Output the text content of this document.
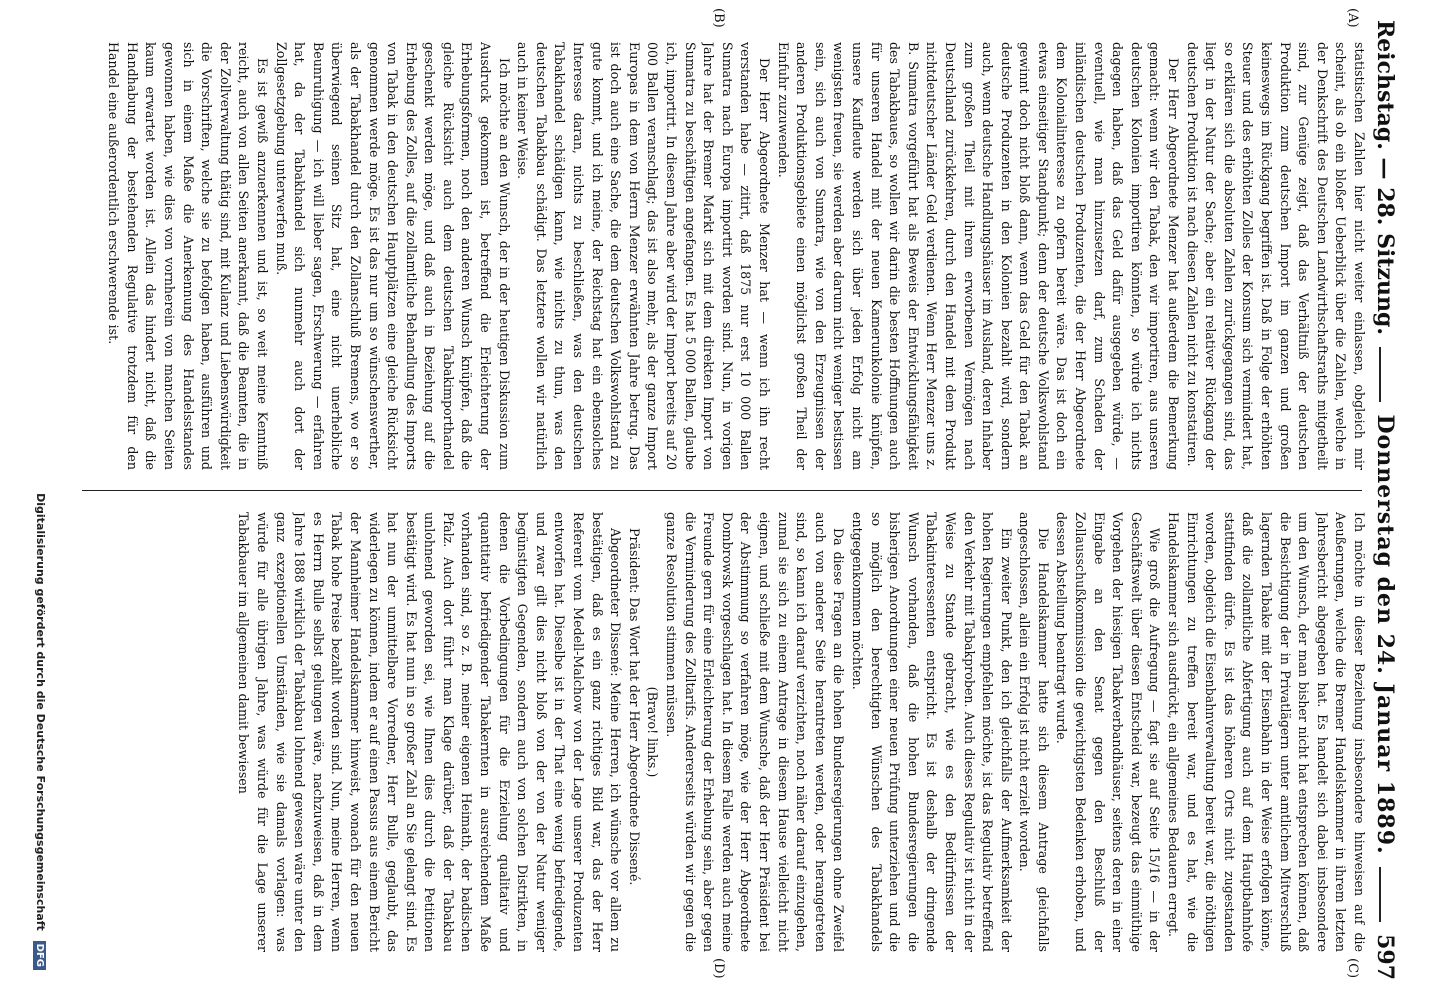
Reichstag. — 28. Sitzung.
Donnerstag den 24. Januar 1889.
597
(A)
(B)
(C)
(D)

statistischen Zahlen hier nicht weiter einlassen, obgleich mir scheint, als ob ein bloßer Ueberblick über die Zahlen, welche in der Denkschrift des Deutschen Landwirthschaftsraths mitgetheilt sind, zur Genüge zeigt, daß das Verhältniß der deutschen Produktion zum deutschen Import im ganzen und großen keineswegs im Rückgang begriffen ist. Daß in Folge der erhöhten Steuer und des erhöhten Zolles der Konsum sich vermindert hat, so erklären sich die absoluten Zahlen zurückgegangen sind, das liegt in der Natur der Sache; aber ein relativer Rückgang der deutschen Produktion ist nach diesen Zahlen nicht zu konstatiren.

Der Herr Abgeordnete Menzer hat außerdem die Bemerkung gemacht: wenn wir den Tabak, den wir importiren, aus unseren deutschen Kolonien importiren könnten, so würde ich nichts dagegen haben, daß das Geld dafür ausgegeben würde, — eventuell, wie man hinzusetzen darf, zum Schaden der inländischen deutschen Produzenten, die der Herr Abgeordnete dem Kolonialinteresse zu opfern bereit wäre. Das ist doch ein etwas einseitiger Standpunkt; denn der deutsche Volkswohlstand gewinnt doch nicht bloß dann, wenn das Geld für den Tabak an deutsche Produzenten in den Kolonien bezahlt wird, sondern auch, wenn deutsche Handlungshäuser im Ausland, deren Inhaber zum großen Theil mit ihrem erworbenen Vermögen nach Deutschland zurückkehren, durch den Handel mit dem Produkt nichtdeutscher Länder Geld verdienen. Wenn Herr Menzer uns z. B. Sumatra vorgeführt hat als Beweis der Entwicklungsfähigkeit des Tabakbaues, so wollen wir darin die besten Hoffnungen auch für unseren Handel mit der neuen Kamerunkolonie knüpfen, unsere Kaufleute werden sich über jeden Erfolg nicht am wenigsten freuen, sie werden aber darum nicht weniger bestissen sein, sich auch von Sumatra, wie von den Erzeugnissen der anderen Produktionsgebiete einen möglichst großen Theil der Einfuhr zuzuwenden.

Der Herr Abgeordnete Menzer hat — wenn ich ihn recht verstanden habe — zitirt, daß 1875 nur erst 10 000 Ballen Sumatra nach Europa importirt worden sind. Nun, in vorigen Jahre hat der Bremer Markt sich mit dem direkten Import von Sumatra zu beschäftigen angefangen. Es hat 5 000 Ballen, glaube ich, importirt. In diesem Jahre aber wird der Import bereits auf 20 000 Ballen veranschlagt; das ist also mehr, als der ganze Import Europas in dem von Herrn Menzer erwähnten Jahre betrug. Das ist doch auch eine Sache, die dem deutschen Volkswohlstand zu gute kommt, und ich meine, der Reichstag hat ein ebensolches Interesse daran, nichts zu beschließen, was den deutschen Tabakhandel schädigen kann, wie nichts zu thun, was den deutschen Tabakbau schädigt. Das letztere wollen wir natürlich auch in keiner Weise.

Ich möchte an den Wunsch, der in der heutigen Diskussion zum Ausdruck gekommen ist, betreffend die Erleichterung der Erhebungsformen, noch den anderen Wunsch knüpfen, daß die gleiche Rücksicht auch dem deutschen Tabakimporthandel geschenkt werden möge, und daß auch in Beziehung auf die Erhebung des Zolles, auf die zollamtliche Behandlung des Imports von Tabak in den deutschen Hauptplätzen eine gleiche Rücksicht genommen werde möge. Es ist das nur um so wünschenswerther, als der Tabakhandel durch den Zollanschluß Bremens, wo er so überwiegend seinen Sitz hat, eine nicht unerhebliche Beunruhigung — ich will lieber sagen, Erschwerung — erfahren hat, da der Tabakhandel sich nunmehr auch dort der Zollgesetzgebung unterwerfen muß.

Es ist gewiß anzuerkennen und ist, so weit meine Kenntniß reicht, auch von allen Seiten anerkannt, daß die Beamten, die in der Zollverwaltung thätig sind, mit Kulanz und Liebenswürdigkeit die Vorschriften, welche sie zu befolgen haben, ausführen und sich in einem Maße die Anerkennung des Handelsstandes gewonnen haben, wie dies von vornherein von manchen Seiten kaum erwartet worden ist. Allein das hindert nicht, daß die Handhabung der bestehenden Regulative trotzdem für den Handel eine außerordentlich erschwerende ist.

Ich möchte in dieser Beziehung insbesondere hinweisen auf die Aeußerungen, welche die Bremer Handelskammer in ihrem letzten Jahresbericht abgegeben hat. Es handelt sich dabei insbesondere um den Wunsch, der man bisher nicht hat entsprechen können, daß die Besichtigung der in Privatlägern unter amtlichem Mitverschluß lagernden Tabake mit der Eisenbahn in der Weise erfolgen könne, daß die zollamtliche Abfertigung auch auf dem Hauptbahnhofe stattfinden dürfe. Es ist das höheren Orts nicht zugestanden worden, obgleich die Eisenbahnverwaltung bereit war, die nöthigen Einrichtungen zu treffen bereit war, und es hat, wie die Handelskammer sich ausdrückt, ein allgemeines Bedauern erregt.

Wie groß die Aufregung — fagt sie auf Seite 15/16 — in der Geschäftswelt über diesen Entscheid war, bezeugt das einmüthige Vorgehen der hiesigen Tabakverbandhäuser, seitens deren in einer Eingabe an den Senat gegen den Beschluß der Zollausschußkommission die gewichtigsten Bedenken erhoben, und dessen Abstellung beantragt wurde.

Die Handelskammer hatte sich diesem Antrage gleichfalls angeschlossen, allein ein Erfolg ist nicht erzielt worden.

Ein zweiter Punkt, den ich gleichfalls der Aufmerksamkeit der hohen Regierungen empfehlen möchte, ist das Regulativ betreffend den Verkehr mit Tabakproben. Auch dieses Regulativ ist nicht in der Weise zu Stande gebracht, wie es den Bedürfnissen der Tabakinteressenten entspricht. Es ist deshalb der dringende Wunsch vorhanden, daß die hohen Bundesregierungen die bisherigen Anordnungen einer neuen Prüfung unterziehen und die so möglich den berechtigten Wünschen des Tabakhandels entgegenkommen möchten.

Da diese Fragen an die hohen Bundesregierungen ohne Zweifel auch von anderer Seite herantreten werden, oder herangetreten sind, so kann ich darauf verzichten, noch näher darauf einzugehen, zumal sie sich zu einem Antrage in diesem Hause vielleicht nicht eignen, und schließe mit dem Wunsche, daß der Herr Präsident bei der Abstimmung so verfahren möge, wie der Herr Abgeordnete Dombrowsk vorgeschlagen hat. In diesem Falle werden auch meine Freunde gern für eine Erleichterung der Erhebung sein, aber gegen die Verminderung des Zolltarifs. Andererseits würden wir gegen die ganze Resolution stimmen müssen.

(Bravo! links.)

Präsident: Das Wort hat der Herr Abgeordnete Dissené.

Abgeordneter Dissené: Meine Herren, ich wünsche vor allem zu bestätigen, daß es ein ganz richtiges Bild war, das der Herr Referent vom Medell-Malchow von der Lage unserer Produzenten entworfen hat. Dieselbe ist in der That eine wenig befriedigende, und zwar gilt dies nicht bloß von der von der Natur weniger begünstigten Gegenden, sondern auch von solchen Distrikten, in denen die Vorbedingungen für die Erzielung qualitativ und quantitativ befriedigender Tabakernten in ausreichendem Maße vorhanden sind, so z. B. meiner eigenen Heimath, der badischen Pfalz. Auch dort führt man Klage darüber, daß der Tabakbau unlohnend geworden sei, wie Ihnen dies durch die Petitionen bestätigt wird. Es hat nun in so großer Zahl an Sie gelangt sind. Es hat nun der unmittelbare Vorredner, Herr Bulle, geglaubt, das widerlegen zu können, indem er auf einen Passus aus einem Bericht der Mannheimer Handelskammer hinweist, wonach für den neuen Tabak hohe Preise bezahlt worden sind. Nun, meine Herren, wenn es Herrn Bulle selbst gelungen wäre, nachzuweisen, daß in dem Jahre 1888 wirklich der Tabakbau lohnend gewesen wäre unter den ganz exzeptionellen Umständen, wie sie damals vorlagen: was würde für alle übrigen Jahre, was würde für die Lage unserer Tabakbauer im allgemeinen damit bewiesen

Digitalisierung gefördert durch die Deutsche Forschungsgemeinschaft DFG
